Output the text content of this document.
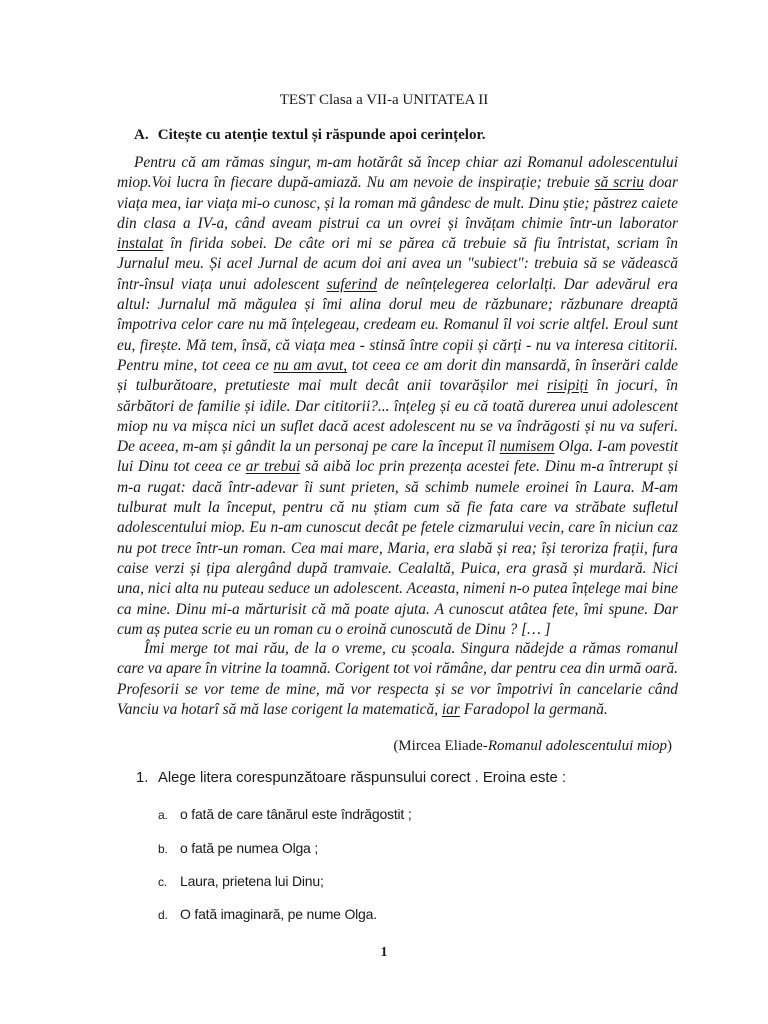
TEST Clasa a VII-a UNITATEA II
A. Citește cu atenție textul și răspunde apoi cerințelor.

Pentru că am rămas singur, m-am hotărât să încep chiar azi Romanul adolescentului miop.Voi lucra în fiecare după-amiază. Nu am nevoie de inspirație; trebuie să scriu doar viața mea, iar viața mi-o cunosc, și la roman mă gândesc de mult. Dinu știe; păstrez caiete din clasa a IV-a, când aveam pistrui ca un ovrei și învățam chimie într-un laborator instalat în firida sobei. De câte ori mi se părea că trebuie să fiu întristat, scriam în Jurnalul meu. Și acel Jurnal de acum doi ani avea un "subiect": trebuia să se vădească într-însul viața unui adolescent suferind de neînțelegerea celorlalți. Dar adevărul era altul: Jurnalul mă măgulea și îmi alina dorul meu de răzbunare; răzbunare dreaptă împotriva celor care nu mă înțelegeau, credeam eu. Romanul îl voi scrie altfel. Eroul sunt eu, firește. Mă tem, însă, că viața mea - stinsă între copii și cărți - nu va interesa cititorii. Pentru mine, tot ceea ce nu am avut, tot ceea ce am dorit din mansardă, în înserări calde și tulburătoare, pretutieste mai mult decât anii tovarășilor mei risipiți în jocuri, în sărbători de familie și idile. Dar cititorii?... înțeleg și eu că toată durerea unui adolescent miop nu va mișca nici un suflet dacă acest adolescent nu se va îndrăgosti și nu va suferi. De aceea, m-am și gândit la un personaj pe care la început îl numisem Olga. I-am povestit lui Dinu tot ceea ce ar trebui să aibă loc prin prezența acestei fete. Dinu m-a întrerupt și m-a rugat: dacă într-adevar îi sunt prieten, să schimb numele eroinei în Laura. M-am tulburat mult la început, pentru că nu știam cum să fie fata care va străbate sufletul adolescentului miop. Eu n-am cunoscut decât pe fetele cizmarului vecin, care în niciun caz nu pot trece într-un roman. Cea mai mare, Maria, era slabă și rea; își teroriza frații, fura caise verzi și țipa alergând după tramvaie. Cealaltă, Puica, era grasă și murdară. Nici una, nici alta nu puteau seduce un adolescent. Aceasta, nimeni n-o putea înțelege mai bine ca mine. Dinu mi-a mărturisit că mă poate ajuta. A cunoscut atâtea fete, îmi spune. Dar cum aș putea scrie eu un roman cu o eroină cunoscută de Dinu ? [… ]

Îmi merge tot mai rău, de la o vreme, cu școala. Singura nădejde a rămas romanul care va apare în vitrine la toamnă. Corigent tot voi rămâne, dar pentru cea din urmă oară. Profesorii se vor teme de mine, mă vor respecta și se vor împotrivi în cancelarie când Vanciu va hotarî să mă lase corigent la matematică, iar Faradopol la germană.

(Mircea Eliade-Romanul adolescentului miop)
1. Alege litera corespunzătoare răspunsului corect . Eroina este :
a. o fată de care tânărul este îndrăgostit ;
b. o fată pe numea Olga ;
c. Laura, prietena lui Dinu;
d. O fată imaginară, pe nume Olga.
1
